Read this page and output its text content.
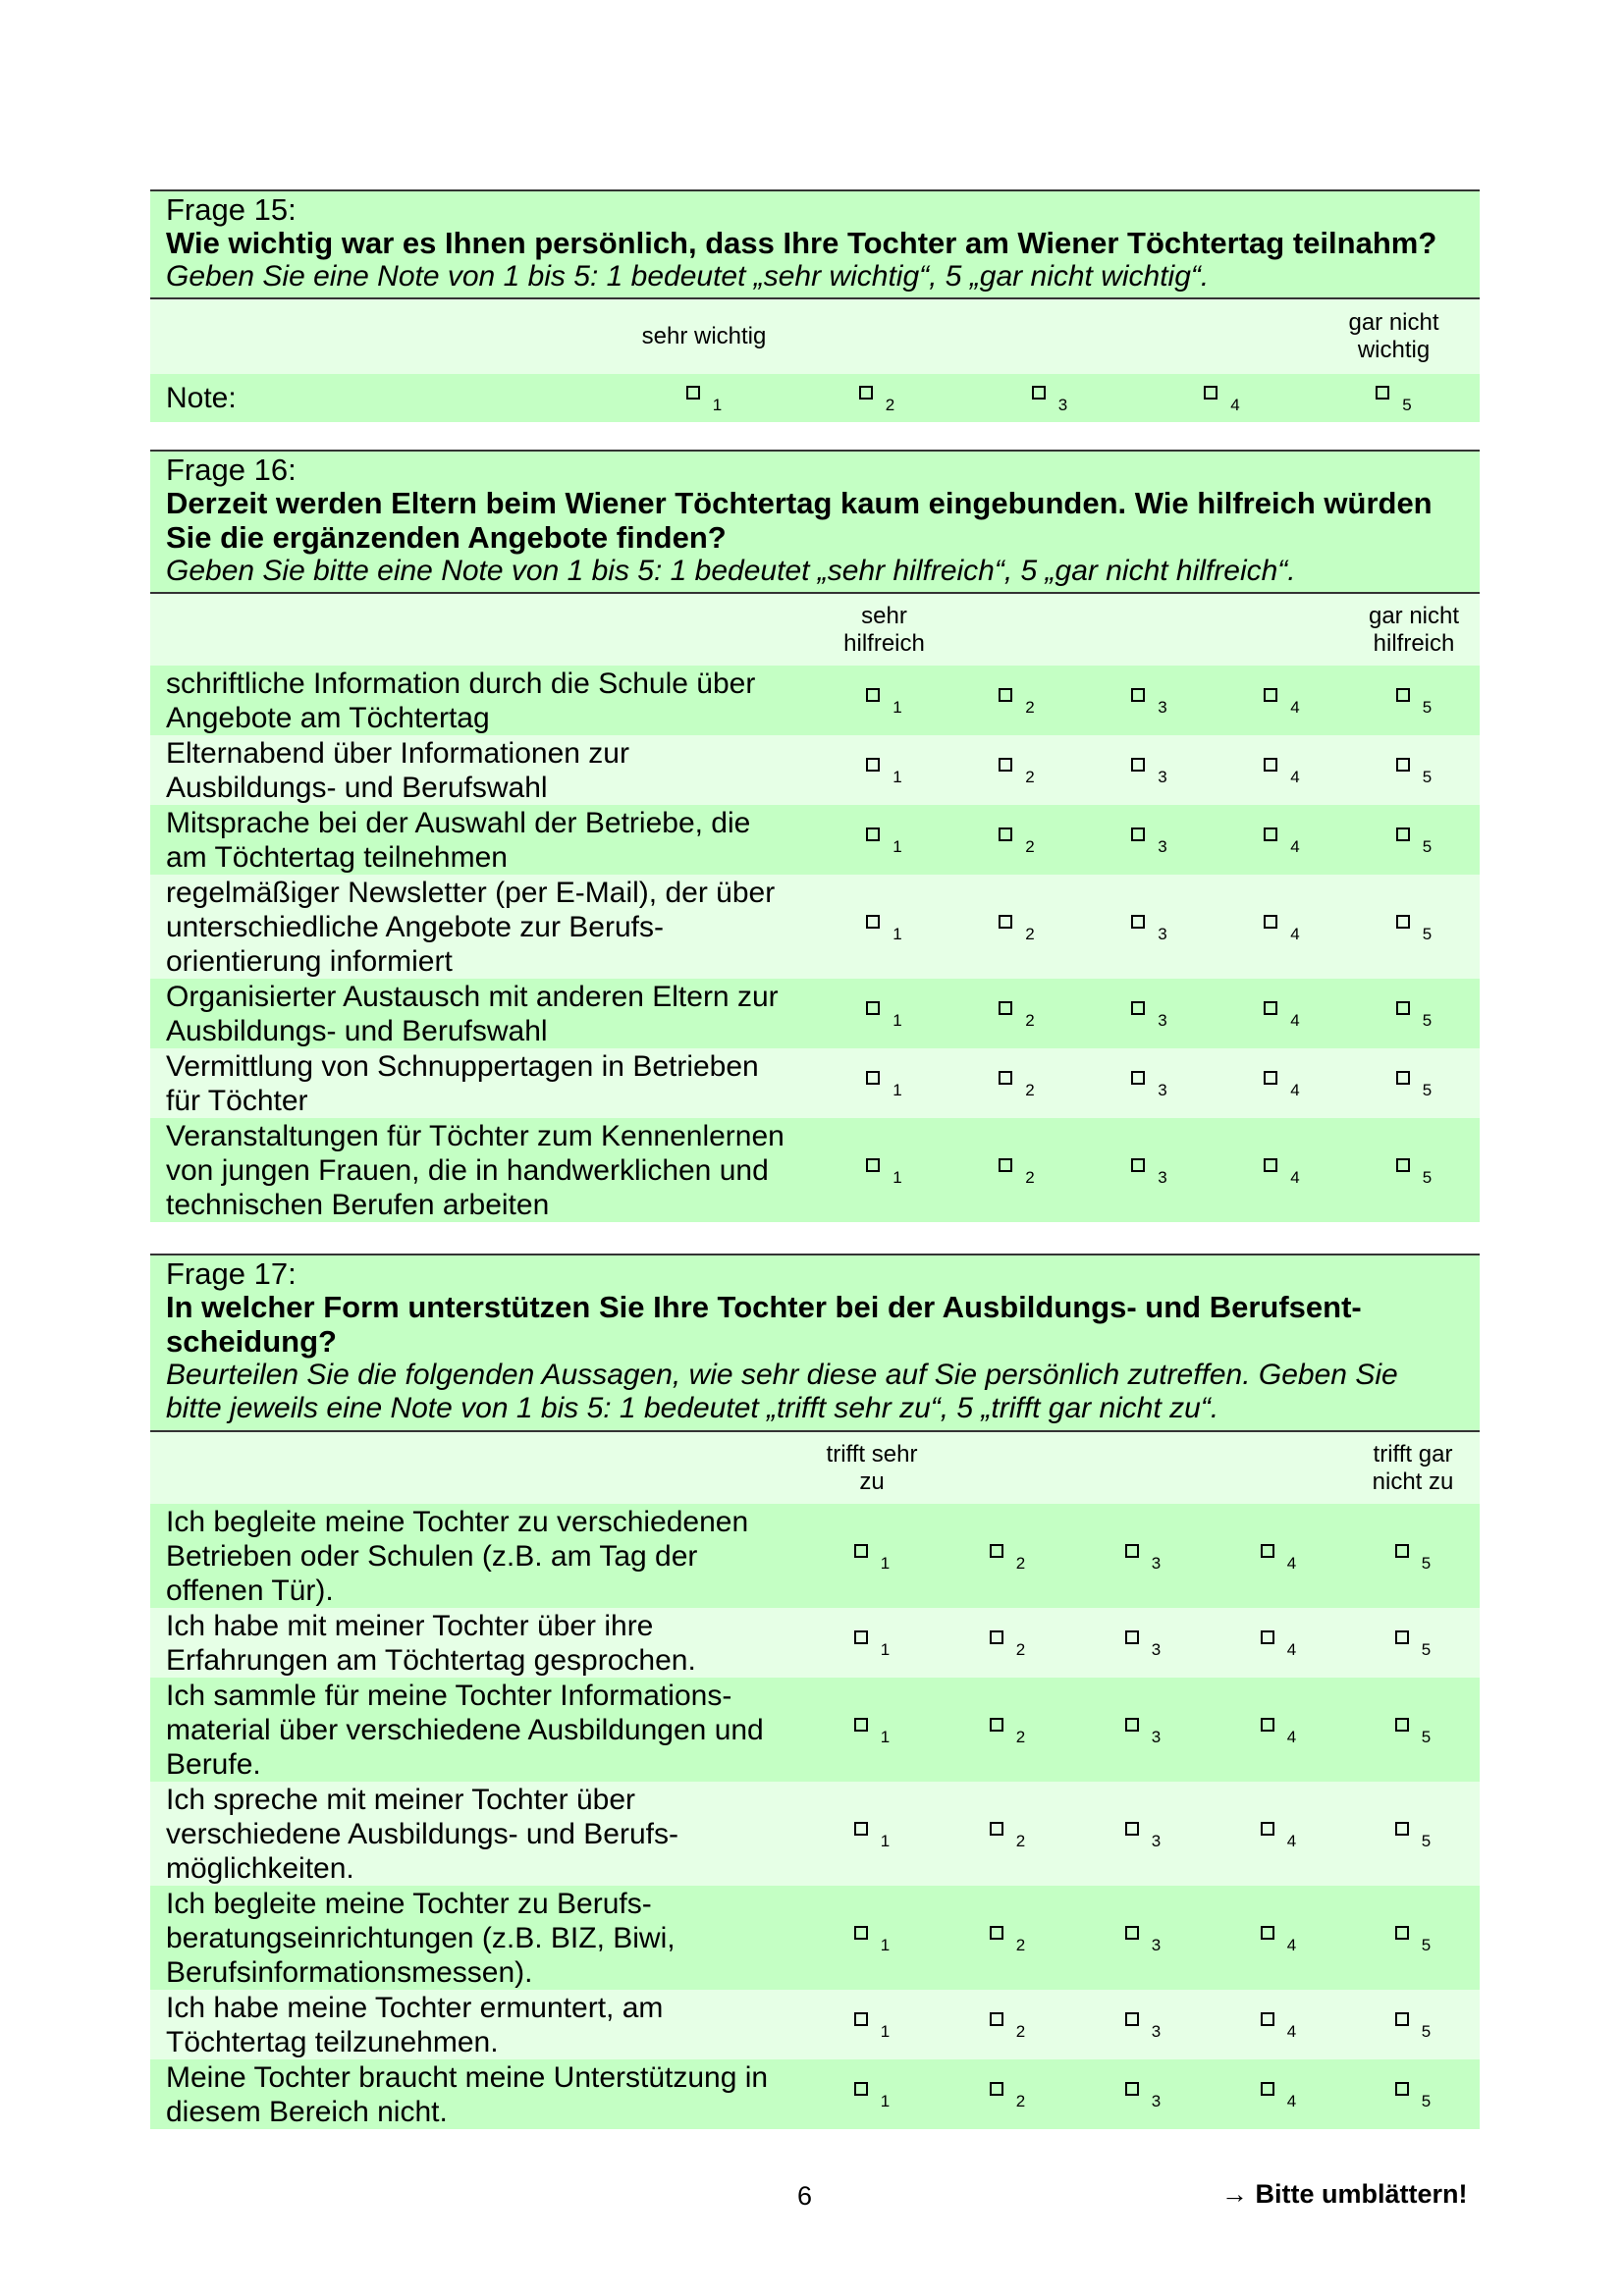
Frage 15:
Wie wichtig war es Ihnen persönlich, dass Ihre Tochter am Wiener Töchtertag teilnahm?
Geben Sie eine Note von 1 bis 5: 1 bedeutet „sehr wichtig“, 5 „gar nicht wichtig“.
	sehr wichtig				gar nicht
wichtig
Note:	1	2	3	4	5
Frage 16:
Derzeit werden Eltern beim Wiener Töchtertag kaum eingebunden. Wie hilfreich würden
Sie die ergänzenden Angebote finden?
Geben Sie bitte eine Note von 1 bis 5: 1 bedeutet „sehr hilfreich“, 5 „gar nicht hilfreich“.
	sehr
hilfreich				gar nicht
hilfreich
schriftliche Information durch die Schule über
Angebote am Töchtertag	1	2	3	4	5
Elternabend über Informationen zur
Ausbildungs- und Berufswahl	1	2	3	4	5
Mitsprache bei der Auswahl der Betriebe, die
am Töchtertag teilnehmen	1	2	3	4	5
regelmäßiger Newsletter (per E-Mail), der über
unterschiedliche Angebote zur Berufs-
orientierung informiert	1	2	3	4	5
Organisierter Austausch mit anderen Eltern zur
Ausbildungs- und Berufswahl	1	2	3	4	5
Vermittlung von Schnuppertagen in Betrieben
für Töchter	1	2	3	4	5
Veranstaltungen für Töchter zum Kennenlernen
von jungen Frauen, die in handwerklichen und
technischen Berufen arbeiten	1	2	3	4	5
Frage 17:
In welcher Form unterstützen Sie Ihre Tochter bei der Ausbildungs- und Berufsent-
scheidung?
Beurteilen Sie die folgenden Aussagen, wie sehr diese auf Sie persönlich zutreffen. Geben Sie
bitte jeweils eine Note von 1 bis 5: 1 bedeutet „trifft sehr zu“, 5 „trifft gar nicht zu“.
	trifft sehr
zu				trifft gar
nicht zu
Ich begleite meine Tochter zu verschiedenen
Betrieben oder Schulen (z.B. am Tag der
offenen Tür).	1	2	3	4	5
Ich habe mit meiner Tochter über ihre
Erfahrungen am Töchtertag gesprochen.	1	2	3	4	5
Ich sammle für meine Tochter Informations-
material über verschiedene Ausbildungen und
Berufe.	1	2	3	4	5
Ich spreche mit meiner Tochter über
verschiedene Ausbildungs- und Berufs-
möglichkeiten.	1	2	3	4	5
Ich begleite meine Tochter zu Berufs-
beratungseinrichtungen (z.B. BIZ, Biwi,
Berufsinformationsmessen).	1	2	3	4	5
Ich habe meine Tochter ermuntert, am
Töchtertag teilzunehmen.	1	2	3	4	5
Meine Tochter braucht meine Unterstützung in
diesem Bereich nicht.	1	2	3	4	5
6	→ Bitte umblättern!
